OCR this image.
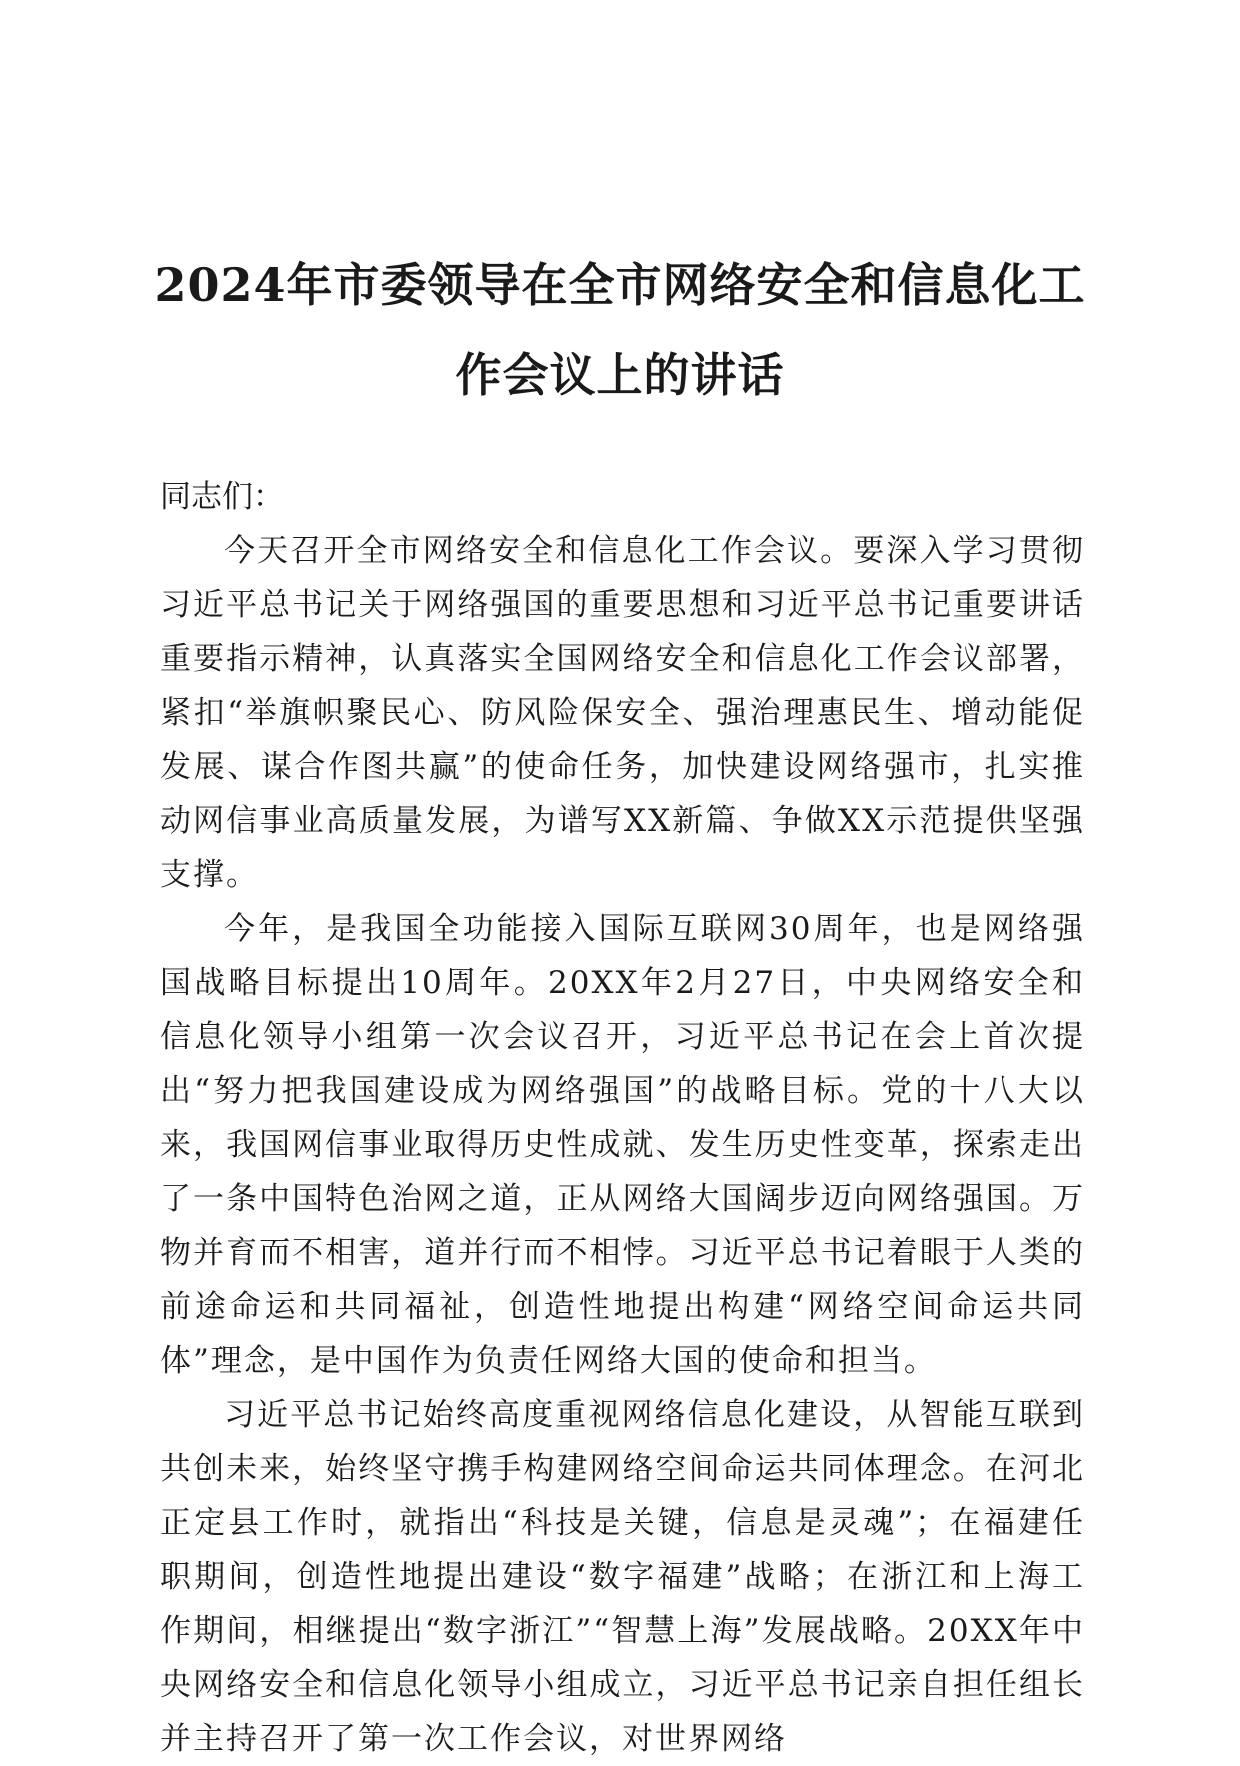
2024年市委领导在全市网络安全和信息化工
作会议上的讲话

同志们：

今天召开全市网络安全和信息化工作会议。要深入学习贯彻习近平总书记关于网络强国的重要思想和习近平总书记重要讲话重要指示精神，认真落实全国网络安全和信息化工作会议部署，紧扣“举旗帜聚民心、防风险保安全、强治理惠民生、增动能促发展、谋合作图共赢”的使命任务，加快建设网络强市，扎实推动网信事业高质量发展，为谱写XX新篇、争做XX示范提供坚强支撑。

今年，是我国全功能接入国际互联网30周年，也是网络强国战略目标提出10周年。20XX年2月27日，中央网络安全和信息化领导小组第一次会议召开，习近平总书记在会上首次提出“努力把我国建设成为网络强国”的战略目标。党的十八大以来，我国网信事业取得历史性成就、发生历史性变革，探索走出了一条中国特色治网之道，正从网络大国阔步迈向网络强国。万物并育而不相害，道并行而不相悖。习近平总书记着眼于人类的前途命运和共同福祉，创造性地提出构建“网络空间命运共同体”理念，是中国作为负责任网络大国的使命和担当。

习近平总书记始终高度重视网络信息化建设，从智能互联到共创未来，始终坚守携手构建网络空间命运共同体理念。在河北正定县工作时，就指出“科技是关键，信息是灵魂”；在福建任职期间，创造性地提出建设“数字福建”战略；在浙江和上海工作期间，相继提出“数字浙江”“智慧上海”发展战略。20XX年中央网络安全和信息化领导小组成立，习近平总书记亲自担任组长并主持召开了第一次工作会议，对世界网络
